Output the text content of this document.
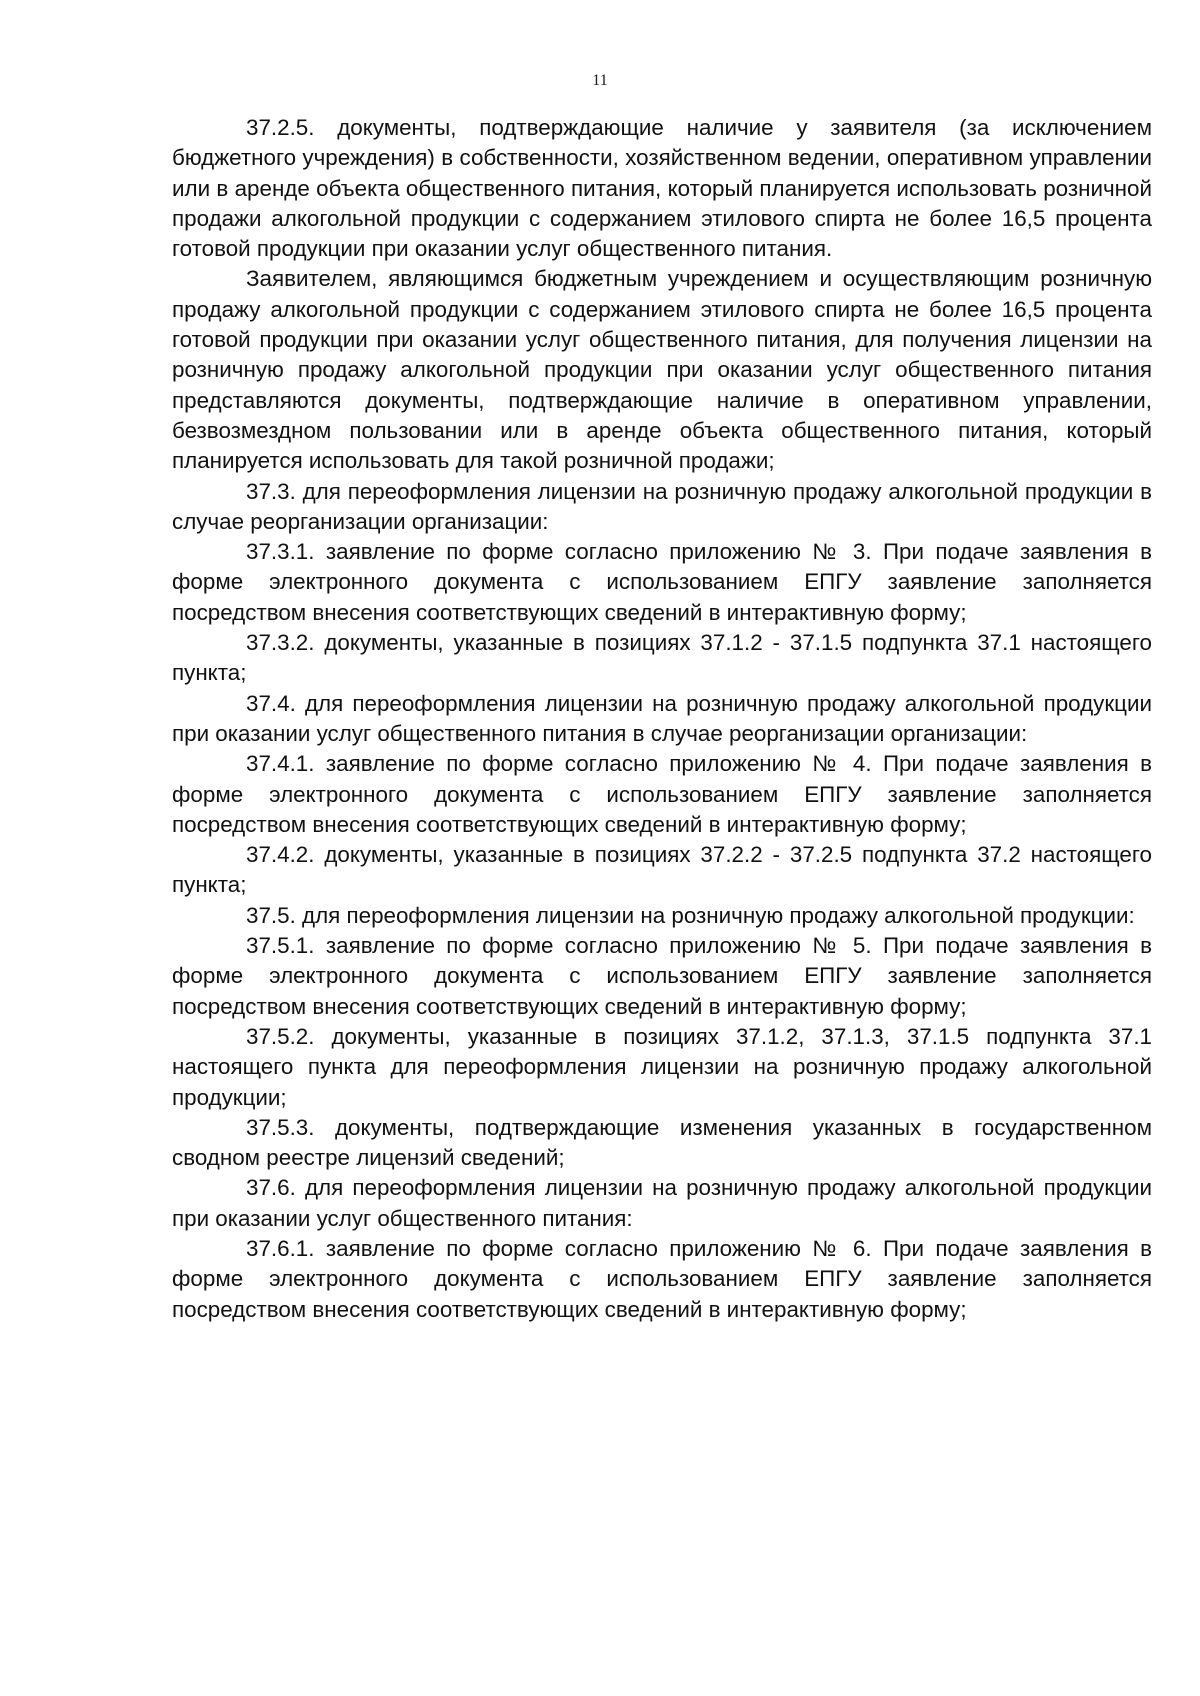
11

37.2.5. документы, подтверждающие наличие у заявителя (за исключением бюджетного учреждения) в собственности, хозяйственном ведении, оперативном управлении или в аренде объекта общественного питания, который планируется использовать розничной продажи алкогольной продукции с содержанием этилового спирта не более 16,5 процента готовой продукции при оказании услуг общественного питания.

Заявителем, являющимся бюджетным учреждением и осуществляющим розничную продажу алкогольной продукции с содержанием этилового спирта не более 16,5 процента готовой продукции при оказании услуг общественного питания, для получения лицензии на розничную продажу алкогольной продукции при оказании услуг общественного питания представляются документы, подтверждающие наличие в оперативном управлении, безвозмездном пользовании или в аренде объекта общественного питания, который планируется использовать для такой розничной продажи;

37.3. для переоформления лицензии на розничную продажу алкогольной продукции в случае реорганизации организации:

37.3.1. заявление по форме согласно приложению № 3. При подаче заявления в форме электронного документа с использованием ЕПГУ заявление заполняется посредством внесения соответствующих сведений в интерактивную форму;

37.3.2. документы, указанные в позициях 37.1.2 - 37.1.5 подпункта 37.1 настоящего пункта;

37.4. для переоформления лицензии на розничную продажу алкогольной продукции при оказании услуг общественного питания в случае реорганизации организации:

37.4.1. заявление по форме согласно приложению № 4. При подаче заявления в форме электронного документа с использованием ЕПГУ заявление заполняется посредством внесения соответствующих сведений в интерактивную форму;

37.4.2. документы, указанные в позициях 37.2.2 - 37.2.5 подпункта 37.2 настоящего пункта;

37.5. для переоформления лицензии на розничную продажу алкогольной продукции:

37.5.1. заявление по форме согласно приложению № 5. При подаче заявления в форме электронного документа с использованием ЕПГУ заявление заполняется посредством внесения соответствующих сведений в интерактивную форму;

37.5.2. документы, указанные в позициях 37.1.2, 37.1.3, 37.1.5 подпункта 37.1 настоящего пункта для переоформления лицензии на розничную продажу алкогольной продукции;

37.5.3. документы, подтверждающие изменения указанных в государственном сводном реестре лицензий сведений;

37.6. для переоформления лицензии на розничную продажу алкогольной продукции при оказании услуг общественного питания:

37.6.1. заявление по форме согласно приложению № 6. При подаче заявления в форме электронного документа с использованием ЕПГУ заявление заполняется посредством внесения соответствующих сведений в интерактивную форму;
